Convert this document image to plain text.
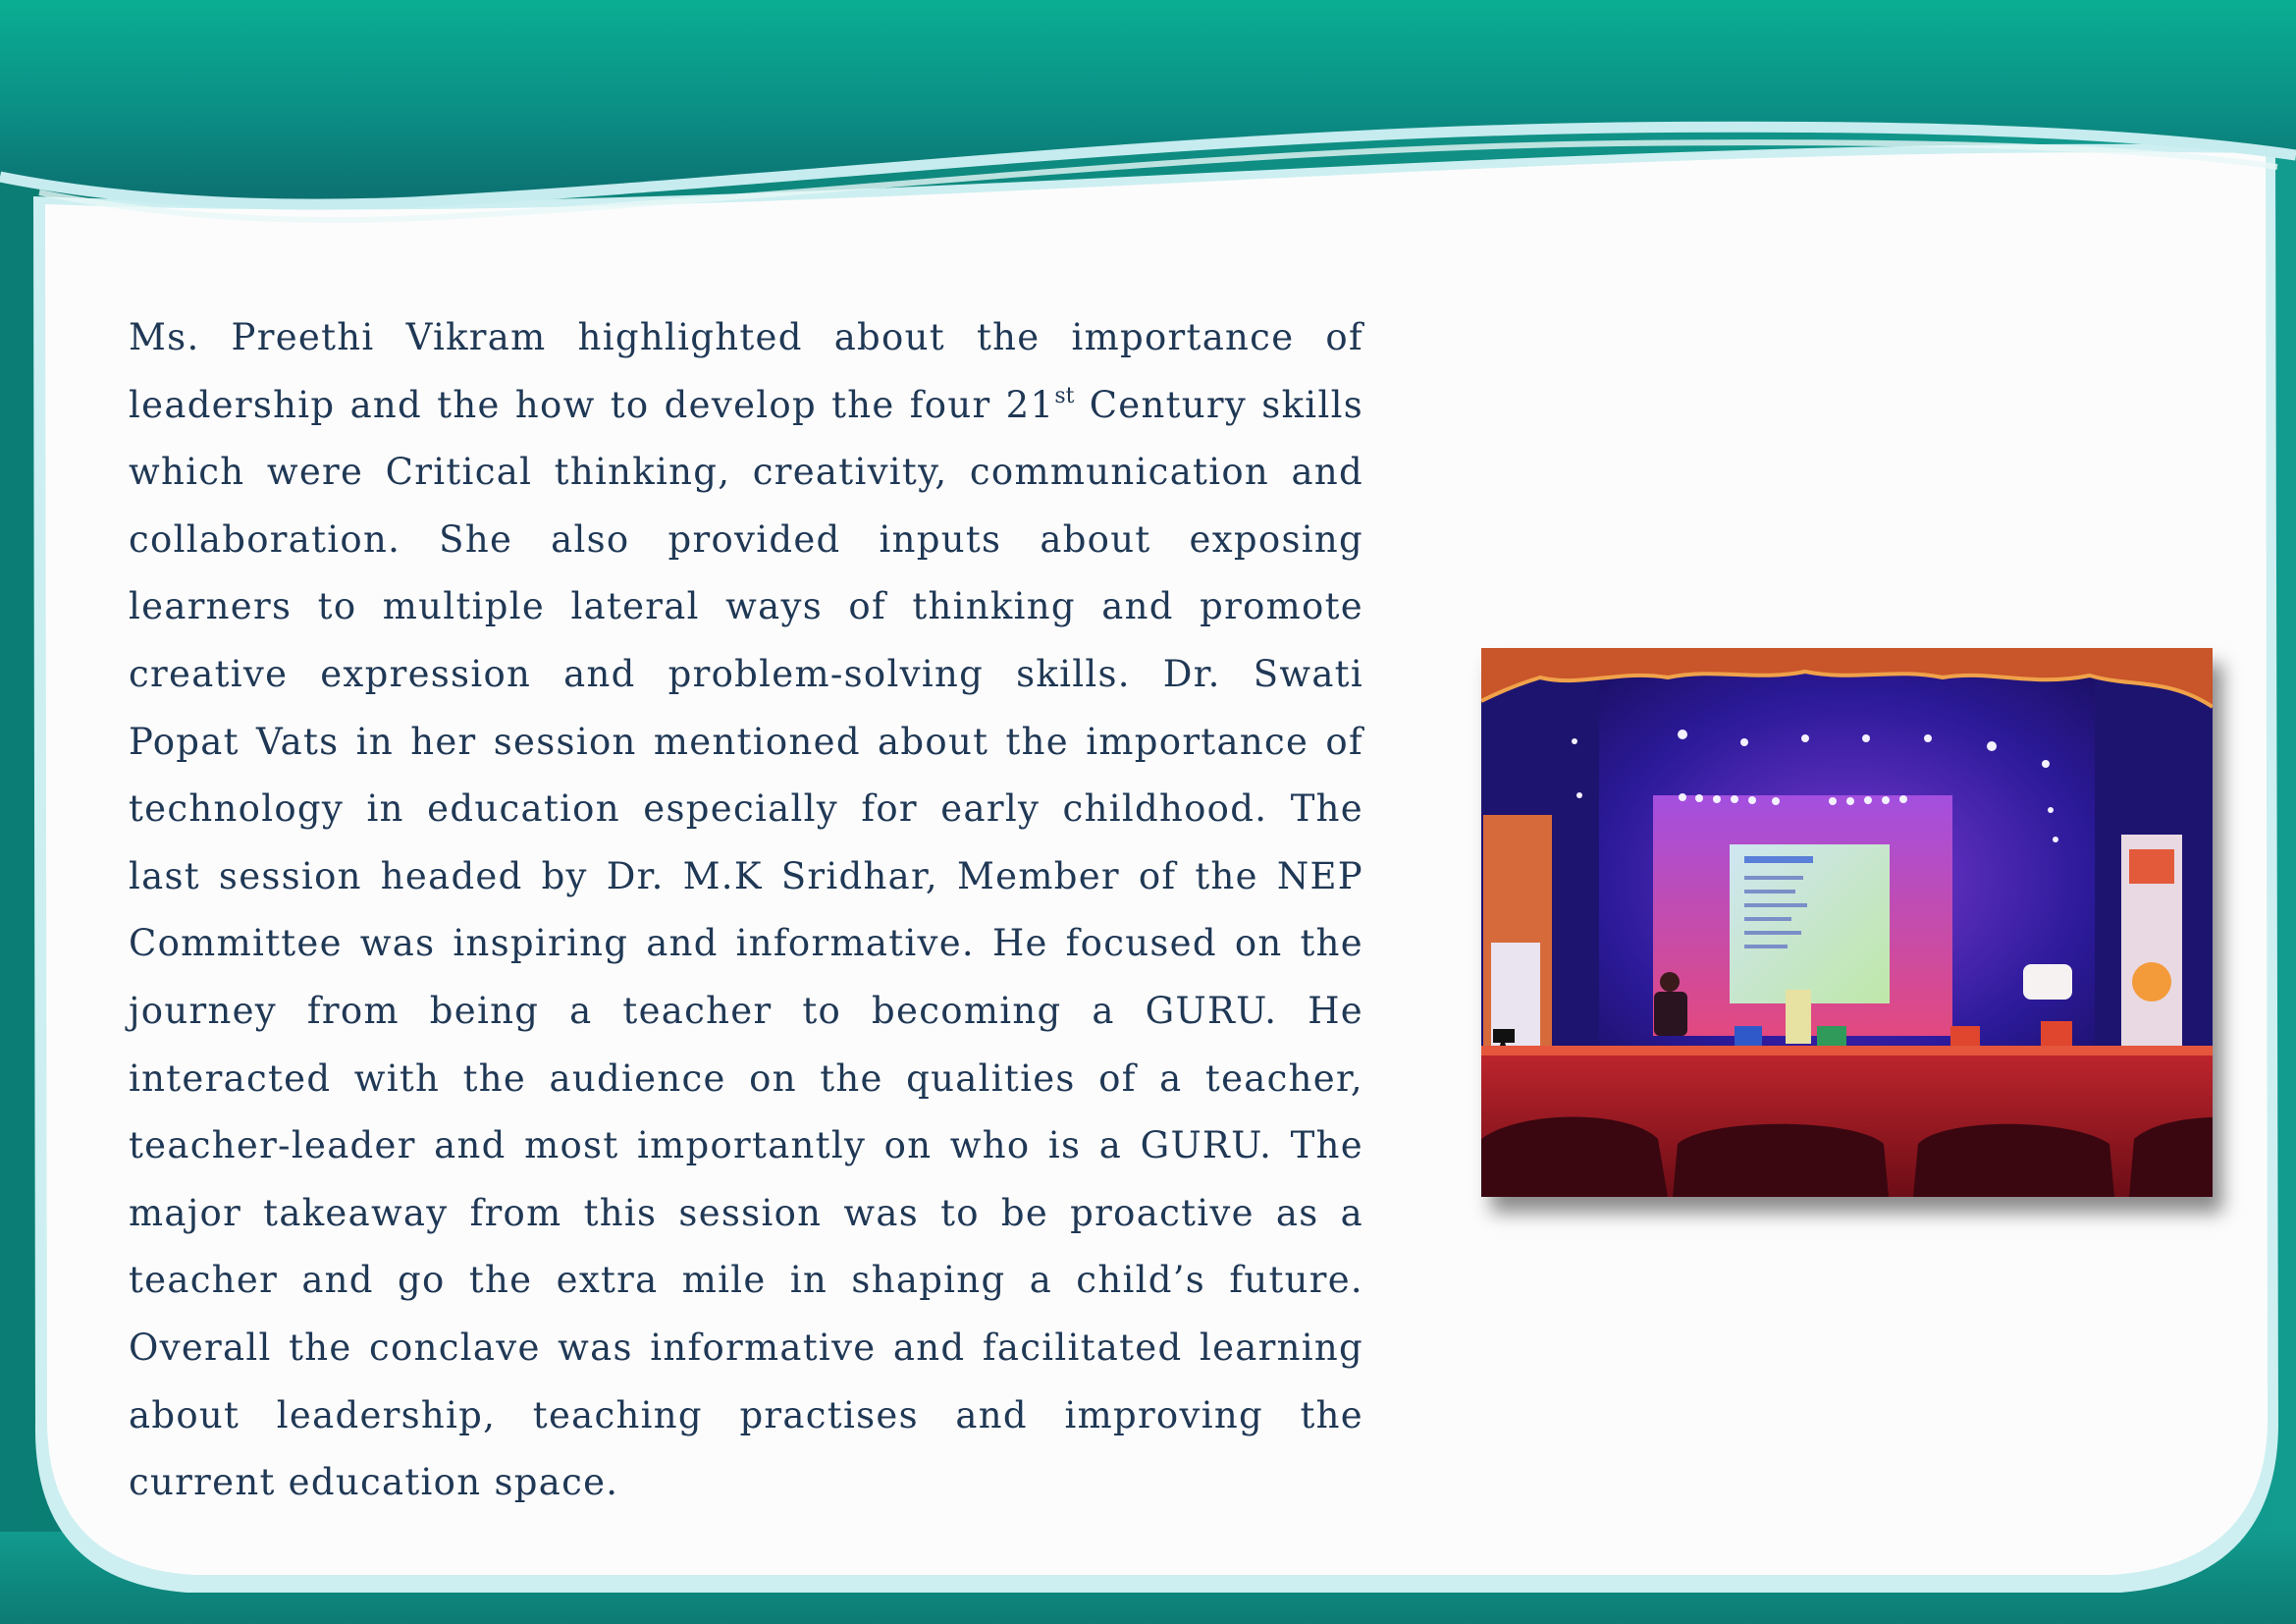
Ms. Preethi Vikram highlighted about the importance of leadership and the how to develop the four 21st Century skills which were Critical thinking, creativity, communication and collaboration. She also provided inputs about exposing learners to multiple lateral ways of thinking and promote creative expression and problem-solving skills. Dr. Swati Popat Vats in her session mentioned about the importance of technology in education especially for early childhood. The last session headed by Dr. M.K Sridhar, Member of the NEP Committee was inspiring and informative. He focused on the journey from being a teacher to becoming a GURU. He interacted with the audience on the qualities of a teacher, teacher-leader and most importantly on who is a GURU. The major takeaway from this session was to be proactive as a teacher and go the extra mile in shaping a child’s future. Overall the conclave was informative and facilitated learning about leadership, teaching practises and improving the current education space.
